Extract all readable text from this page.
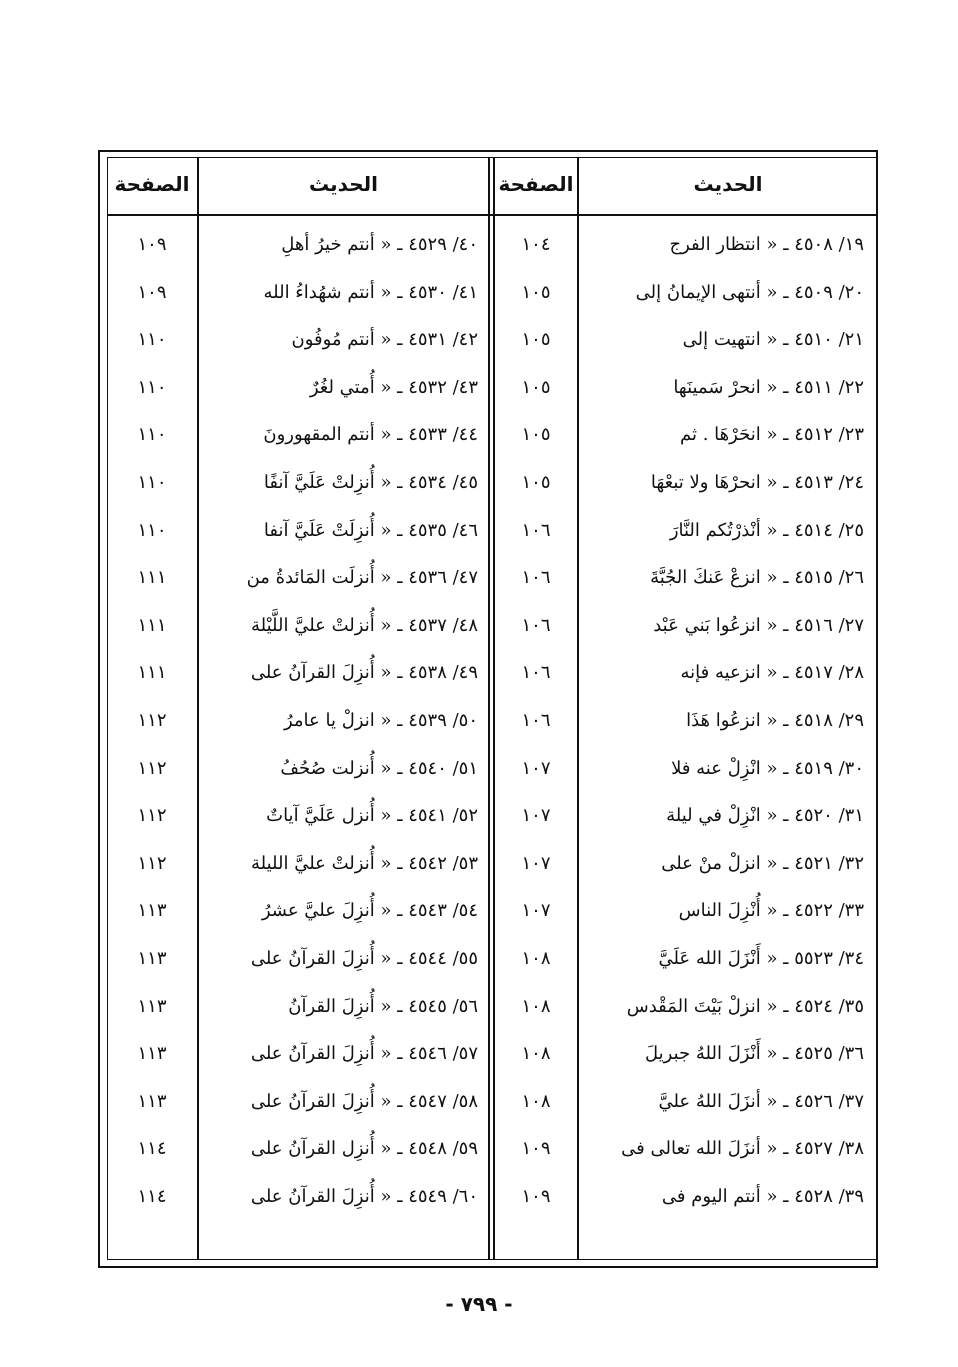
الحديث
الصفحة
الحديث
الصفحة
١٩/ ٤٥٠٨ ـ « انتظار الفرج
١٠٤
٢٠/ ٤٥٠٩ ـ « أنتهى الإيمانُ إلى
١٠٥
٢١/ ٤٥١٠ ـ « انتهيت إلى
١٠٥
٢٢/ ٤٥١١ ـ « انحرْ سَمينَها
١٠٥
٢٣/ ٤٥١٢ ـ « انحَرْهَا . ثم
١٠٥
٢٤/ ٤٥١٣ ـ « انحرْهَا ولا تبعْهَا
١٠٥
٢٥/ ٤٥١٤ ـ « أنْذرْتُكم النَّارَ
١٠٦
٢٦/ ٤٥١٥ ـ « انزعْ عَنكَ الجُبَّةَ
١٠٦
٢٧/ ٤٥١٦ ـ « انزعُوا بَني عَبْد
١٠٦
٢٨/ ٤٥١٧ ـ « انزعيه فإنه
١٠٦
٢٩/ ٤٥١٨ ـ « انزعُوا هَذَا
١٠٦
٣٠/ ٤٥١٩ ـ « انْزِلْ عنه فلا
١٠٧
٣١/ ٤٥٢٠ ـ « انْزِلْ في ليلة
١٠٧
٣٢/ ٤٥٢١ ـ « انزلْ منْ على
١٠٧
٣٣/ ٤٥٢٢ ـ « أُنْزِلَ الناس
١٠٧
٣٤/ ٥٥٢٣ ـ « أَنْزَلَ الله عَلَيَّ
١٠٨
٣٥/ ٤٥٢٤ ـ « انزلْ بَيْتَ المَقْدس
١٠٨
٣٦/ ٤٥٢٥ ـ « أَنْزَلَ اللهُ جبريلَ
١٠٨
٣٧/ ٤٥٢٦ ـ « أنزَلَ اللهُ عليَّ
١٠٨
٣٨/ ٤٥٢٧ ـ « أنزَلَ الله تعالى فى
١٠٩
٣٩/ ٤٥٢٨ ـ « أنتم اليوم فى
١٠٩
٤٠/ ٤٥٢٩ ـ « أنتم خيرُ أهلِ
١٠٩
٤١/ ٤٥٣٠ ـ « أنتم شهُداءُ الله
١٠٩
٤٢/ ٤٥٣١ ـ « أنتم مُوفُون
١١٠
٤٣/ ٤٥٣٢ ـ « أُمتي لغُرٌ
١١٠
٤٤/ ٤٥٣٣ ـ « أنتم المقهورونَ
١١٠
٤٥/ ٤٥٣٤ ـ « أُنزِلتْ عَلَيَّ آنفًا
١١٠
٤٦/ ٤٥٣٥ ـ « أُنزِلَتْ عَلَيَّ آنفا
١١٠
٤٧/ ٤٥٣٦ ـ « أُنزلَت المَائدةُ من
١١١
٤٨/ ٤٥٣٧ ـ « أُنزلتْ عليَّ اللَّيْلة
١١١
٤٩/ ٤٥٣٨ ـ « أُنزِلَ القرآنُ على
١١١
٥٠/ ٤٥٣٩ ـ « انزلْ يا عامرُ
١١٢
٥١/ ٤٥٤٠ ـ « أُنزلت صُحُفُ
١١٢
٥٢/ ٤٥٤١ ـ « أُنزل عَلَيَّ آياتٌ
١١٢
٥٣/ ٤٥٤٢ ـ « أُنزلتْ عليَّ الليلة
١١٢
٥٤/ ٤٥٤٣ ـ « أُنزِلَ عليَّ عشرُ
١١٣
٥٥/ ٤٥٤٤ ـ « أُنزِلَ القرآنُ على
١١٣
٥٦/ ٤٥٤٥ ـ « أُنزِلَ القرآنُ
١١٣
٥٧/ ٤٥٤٦ ـ « أُنزِلَ القرآنُ على
١١٣
٥٨/ ٤٥٤٧ ـ « أُنزِلَ القرآنُ على
١١٣
٥٩/ ٤٥٤٨ ـ « أُنزِل القرآنُ على
١١٤
٦٠/ ٤٥٤٩ ـ « أُنزِلَ القرآنُ على
١١٤
- ٧٩٩ -
